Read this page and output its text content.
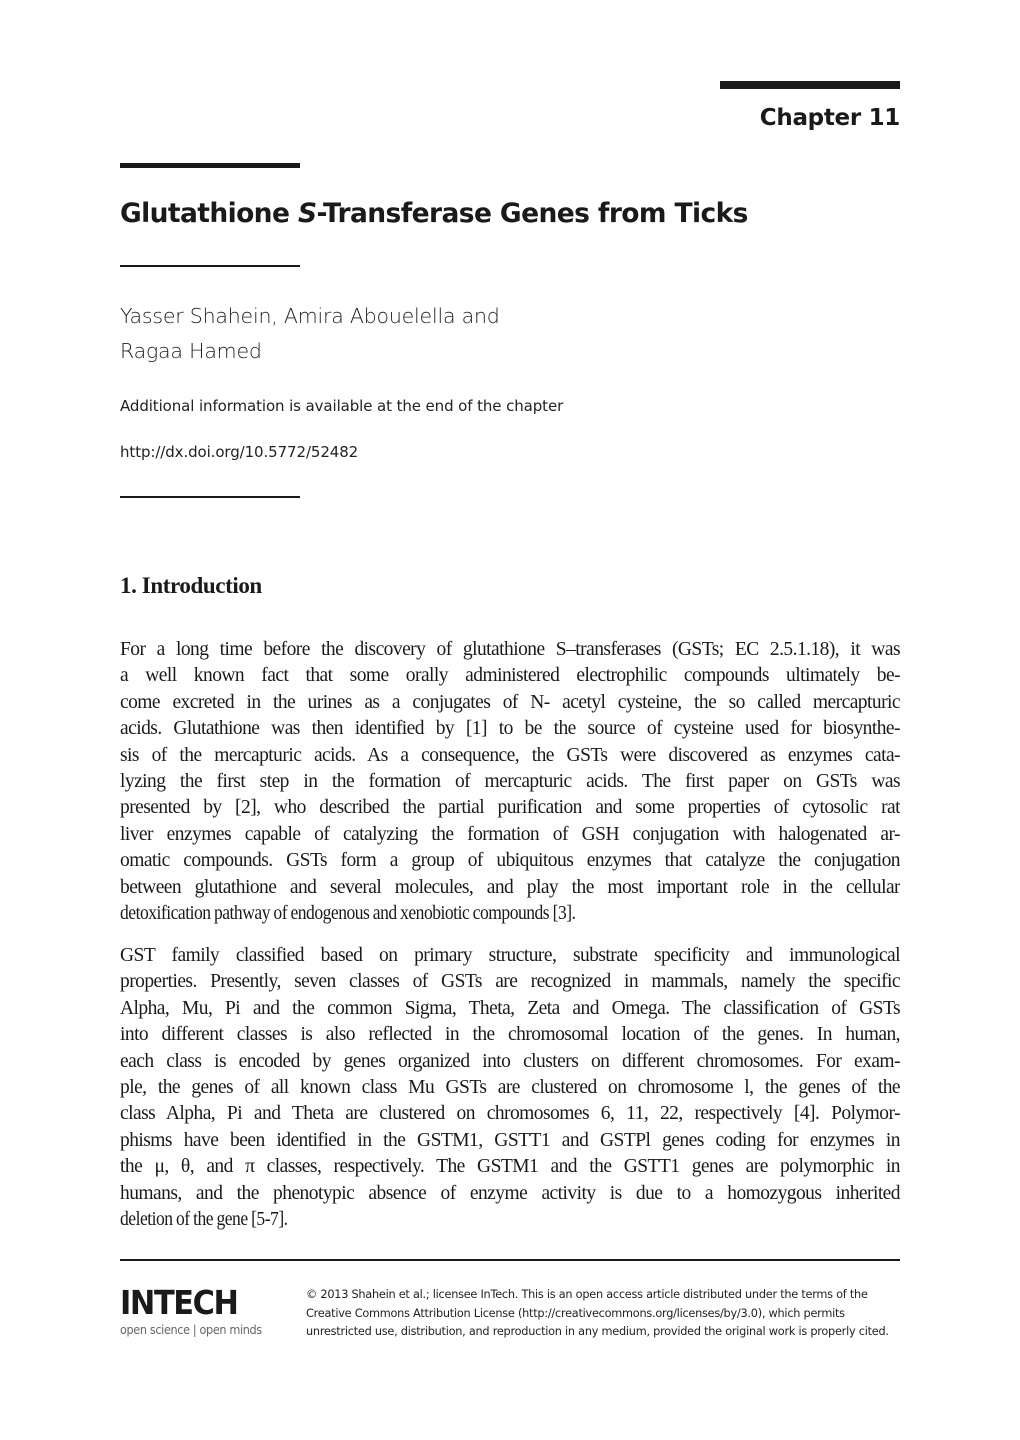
Chapter 11
Glutathione S-Transferase Genes from Ticks
Yasser Shahein, Amira Abouelella and
Ragaa Hamed
Additional information is available at the end of the chapter
http://dx.doi.org/10.5772/52482
1. Introduction
For a long time before the discovery of glutathione S–transferases (GSTs; EC 2.5.1.18), it was
a well known fact that some orally administered electrophilic compounds ultimately be-
come excreted in the urines as a conjugates of N- acetyl cysteine, the so called mercapturic
acids. Glutathione was then identified by [1] to be the source of cysteine used for biosynthe-
sis of the mercapturic acids. As a consequence, the GSTs were discovered as enzymes cata-
lyzing the first step in the formation of mercapturic acids. The first paper on GSTs was
presented by [2], who described the partial purification and some properties of cytosolic rat
liver enzymes capable of catalyzing the formation of GSH conjugation with halogenated ar-
omatic compounds. GSTs form a group of ubiquitous enzymes that catalyze the conjugation
between glutathione and several molecules, and play the most important role in the cellular
detoxification pathway of endogenous and xenobiotic compounds [3].
GST family classified based on primary structure, substrate specificity and immunological
properties. Presently, seven classes of GSTs are recognized in mammals, namely the specific
Alpha, Mu, Pi and the common Sigma, Theta, Zeta and Omega. The classification of GSTs
into different classes is also reflected in the chromosomal location of the genes. In human,
each class is encoded by genes organized into clusters on different chromosomes. For exam-
ple, the genes of all known class Mu GSTs are clustered on chromosome l, the genes of the
class Alpha, Pi and Theta are clustered on chromosomes 6, 11, 22, respectively [4]. Polymor-
phisms have been identified in the GSTM1, GSTT1 and GSTPl genes coding for enzymes in
the μ, θ, and π classes, respectively. The GSTM1 and the GSTT1 genes are polymorphic in
humans, and the phenotypic absence of enzyme activity is due to a homozygous inherited
deletion of the gene [5-7].
INTECH
open science | open minds
© 2013 Shahein et al.; licensee InTech. This is an open access article distributed under the terms of the
Creative Commons Attribution License (http://creativecommons.org/licenses/by/3.0), which permits
unrestricted use, distribution, and reproduction in any medium, provided the original work is properly cited.
